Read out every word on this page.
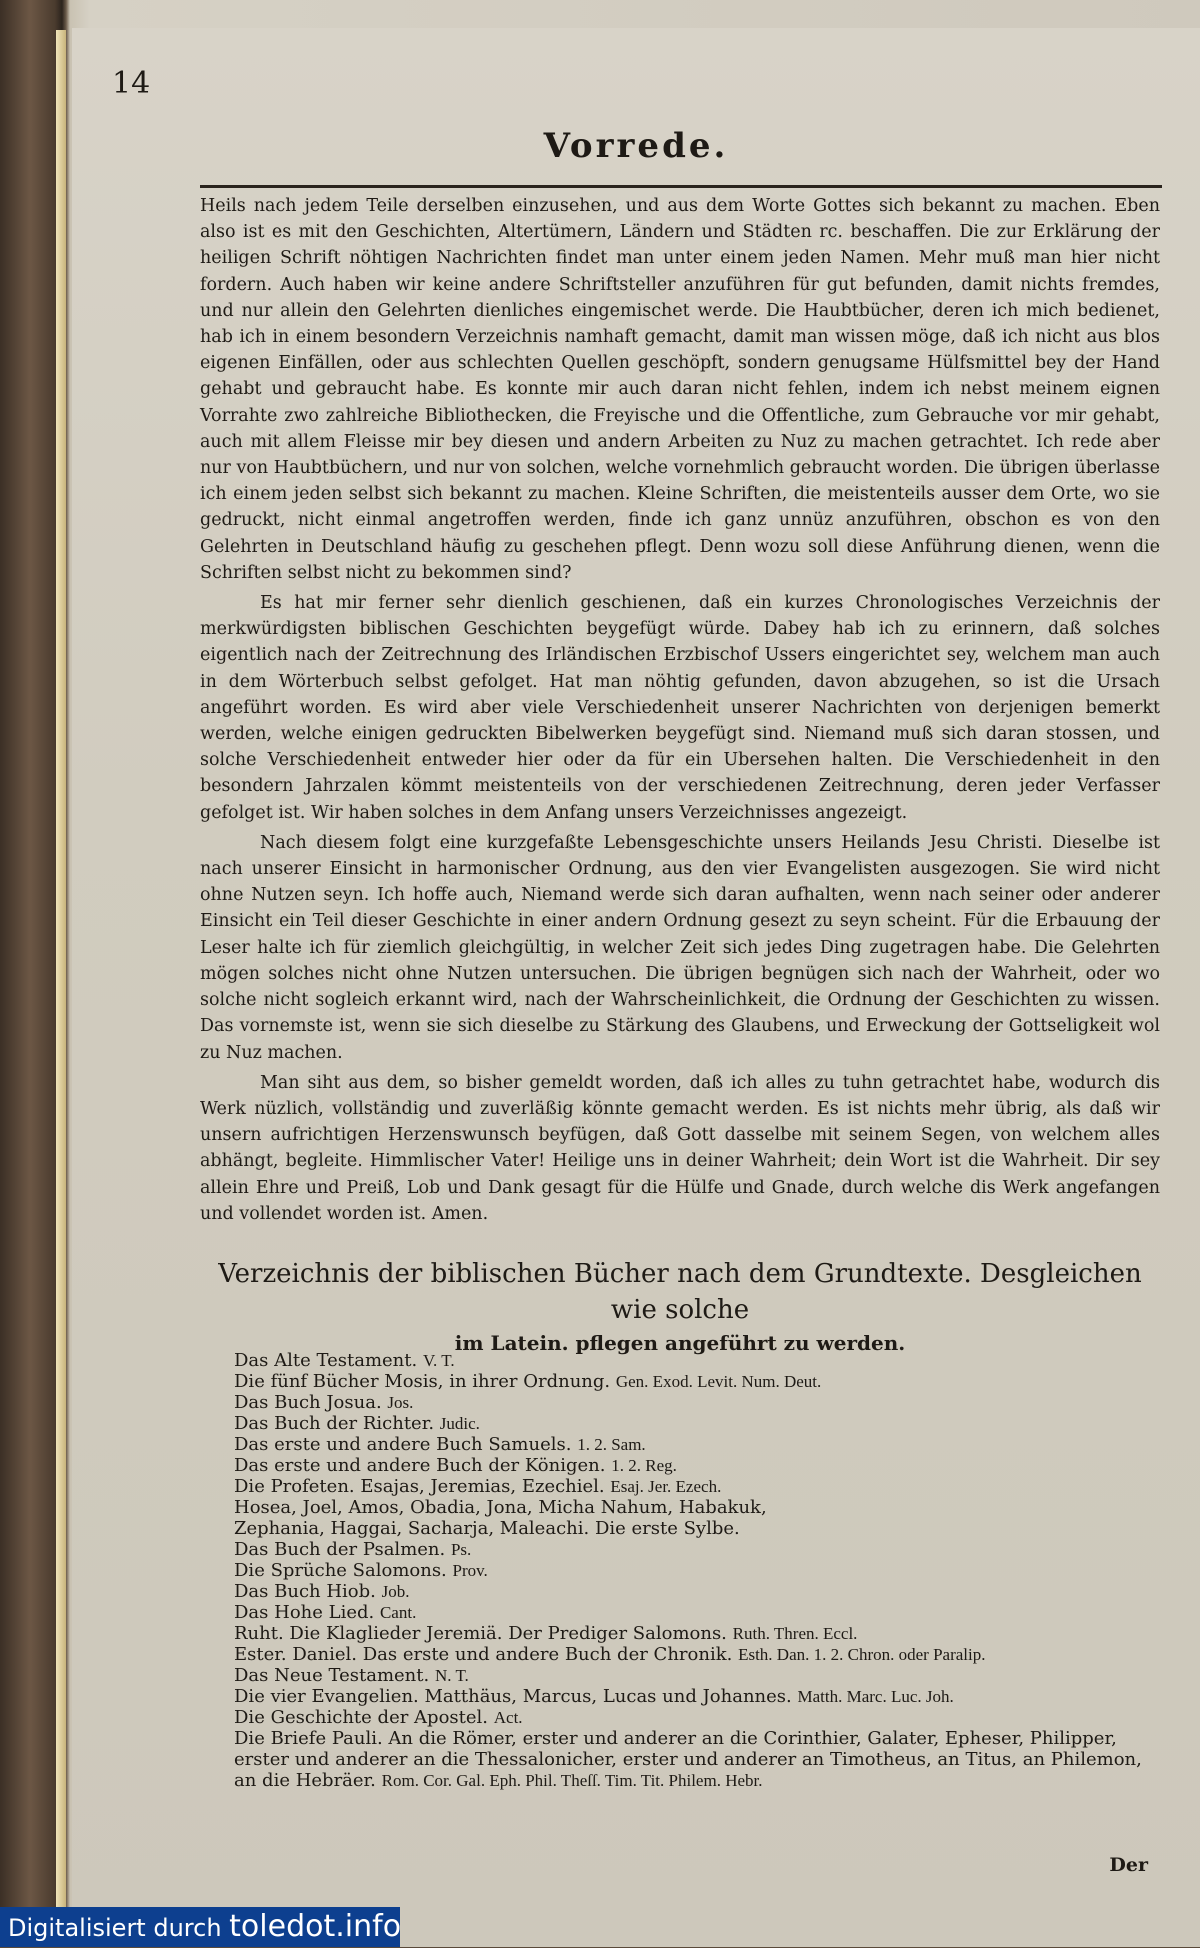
14
Vorrede.

Heils nach jedem Teile derselben einzusehen, und aus dem Worte Gottes sich bekannt zu machen. Eben also ist es mit den Geschichten, Altertümern, Ländern und Städten rc. beschaffen. Die zur Erklärung der heiligen Schrift nöhtigen Nachrichten findet man unter einem jeden Namen. Mehr muß man hier nicht fordern. Auch haben wir keine andere Schriftsteller anzuführen für gut befunden, damit nichts fremdes, und nur allein den Gelehrten dienliches eingemischet werde. Die Haubtbücher, deren ich mich bedienet, hab ich in einem besondern Verzeichnis namhaft gemacht, damit man wissen möge, daß ich nicht aus blos eigenen Einfällen, oder aus schlechten Quellen geschöpft, sondern genugsame Hülfsmittel bey der Hand gehabt und gebraucht habe. Es konnte mir auch daran nicht fehlen, indem ich nebst meinem eignen Vorrahte zwo zahlreiche Bibliothecken, die Freyische und die Offentliche, zum Gebrauche vor mir gehabt, auch mit allem Fleisse mir bey diesen und andern Arbeiten zu Nuz zu machen getrachtet. Ich rede aber nur von Haubtbüchern, und nur von solchen, welche vornehmlich gebraucht worden. Die übrigen überlasse ich einem jeden selbst sich bekannt zu machen. Kleine Schriften, die meistenteils ausser dem Orte, wo sie gedruckt, nicht einmal angetroffen werden, finde ich ganz unnüz anzuführen, obschon es von den Gelehrten in Deutschland häufig zu geschehen pflegt. Denn wozu soll diese Anführung dienen, wenn die Schriften selbst nicht zu bekommen sind?

Es hat mir ferner sehr dienlich geschienen, daß ein kurzes Chronologisches Verzeichnis der merkwürdigsten biblischen Geschichten beygefügt würde. Dabey hab ich zu erinnern, daß solches eigentlich nach der Zeitrechnung des Irländischen Erzbischof Ussers eingerichtet sey, welchem man auch in dem Wörterbuch selbst gefolget. Hat man nöhtig gefunden, davon abzugehen, so ist die Ursach angeführt worden. Es wird aber viele Verschiedenheit unserer Nachrichten von derjenigen bemerkt werden, welche einigen gedruckten Bibelwerken beygefügt sind. Niemand muß sich daran stossen, und solche Verschiedenheit entweder hier oder da für ein Ubersehen halten. Die Verschiedenheit in den besondern Jahrzalen kömmt meistenteils von der verschiedenen Zeitrechnung, deren jeder Verfasser gefolget ist. Wir haben solches in dem Anfang unsers Verzeichnisses angezeigt.

Nach diesem folgt eine kurzgefaßte Lebensgeschichte unsers Heilands Jesu Christi. Dieselbe ist nach unserer Einsicht in harmonischer Ordnung, aus den vier Evangelisten ausgezogen. Sie wird nicht ohne Nutzen seyn. Ich hoffe auch, Niemand werde sich daran aufhalten, wenn nach seiner oder anderer Einsicht ein Teil dieser Geschichte in einer andern Ordnung gesezt zu seyn scheint. Für die Erbauung der Leser halte ich für ziemlich gleichgültig, in welcher Zeit sich jedes Ding zugetragen habe. Die Gelehrten mögen solches nicht ohne Nutzen untersuchen. Die übrigen begnügen sich nach der Wahrheit, oder wo solche nicht sogleich erkannt wird, nach der Wahrscheinlichkeit, die Ordnung der Geschichten zu wissen. Das vornemste ist, wenn sie sich dieselbe zu Stärkung des Glaubens, und Erweckung der Gottseligkeit wol zu Nuz machen.

Man siht aus dem, so bisher gemeldt worden, daß ich alles zu tuhn getrachtet habe, wodurch dis Werk nüzlich, vollständig und zuverläßig könnte gemacht werden. Es ist nichts mehr übrig, als daß wir unsern aufrichtigen Herzenswunsch beyfügen, daß Gott dasselbe mit seinem Segen, von welchem alles abhängt, begleite. Himmlischer Vater! Heilige uns in deiner Wahrheit; dein Wort ist die Wahrheit. Dir sey allein Ehre und Preiß, Lob und Dank gesagt für die Hülfe und Gnade, durch welche dis Werk angefangen und vollendet worden ist. Amen.

Verzeichnis der biblischen Bücher nach dem Grundtexte. Desgleichen wie solche
im Latein. pflegen angeführt zu werden.
Das Alte Testament. V. T.
Die fünf Bücher Mosis, in ihrer Ordnung. Gen. Exod. Levit. Num. Deut.
Das Buch Josua. Jos.
Das Buch der Richter. Judic.
Das erste und andere Buch Samuels. 1. 2. Sam.
Das erste und andere Buch der Königen. 1. 2. Reg.
Die Profeten. Esajas, Jeremias, Ezechiel. Esaj. Jer. Ezech.
Hosea, Joel, Amos, Obadia, Jona, Micha Nahum, Habakuk,
Zephania, Haggai, Sacharja, Maleachi. Die erste Sylbe.
Das Buch der Psalmen. Ps.
Die Sprüche Salomons. Prov.
Das Buch Hiob. Job.
Das Hohe Lied. Cant.
Ruht. Die Klaglieder Jeremiä. Der Prediger Salomons. Ruth. Thren. Eccl.
Ester. Daniel. Das erste und andere Buch der Chronik. Esth. Dan. 1. 2. Chron. oder Paralip.
Das Neue Testament. N. T.
Die vier Evangelien. Matthäus, Marcus, Lucas und Johannes. Matth. Marc. Luc. Joh.
Die Geschichte der Apostel. Act.
Die Briefe Pauli. An die Römer, erster und anderer an die Corinthier, Galater, Epheser, Philipper, erster und anderer an die Thessalonicher, erster und anderer an Timotheus, an Titus, an Philemon, an die Hebräer. Rom. Cor. Gal. Eph. Phil. Theſſ. Tim. Tit. Philem. Hebr.
Der
Digitalisiert durch toledot.info
